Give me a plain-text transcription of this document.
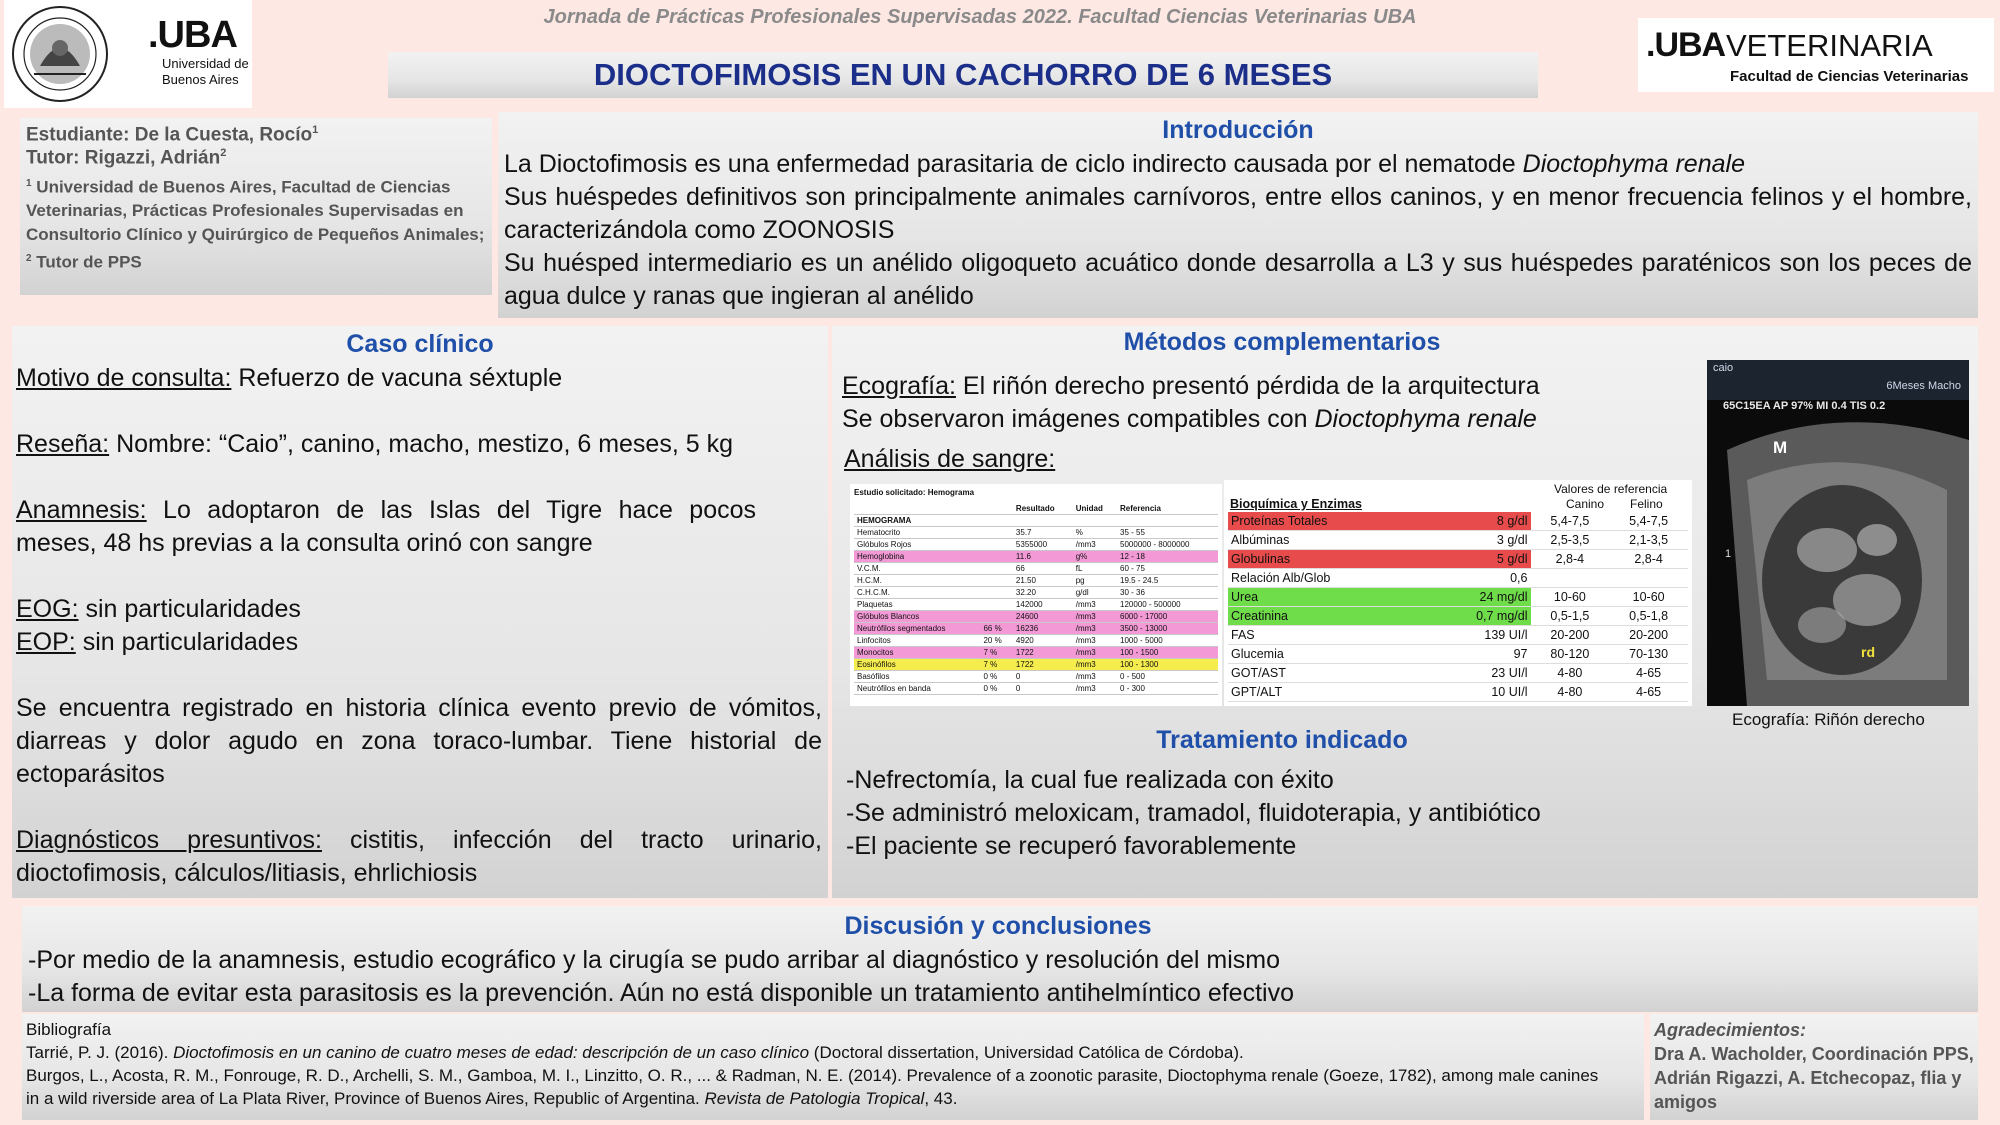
.UBA
Universidad de
Buenos Aires
Jornada de Prácticas Profesionales Supervisadas 2022. Facultad Ciencias Veterinarias UBA
DIOCTOFIMOSIS EN UN CACHORRO DE 6 MESES
.UBA VETERINARIA
Facultad de Ciencias Veterinarias
Estudiante: De la Cuesta, Rocío$^1$
Tutor: Rigazzi, Adrián$^2$
$^1$ Universidad de Buenos Aires, Facultad de Ciencias Veterinarias, Prácticas Profesionales Supervisadas en Consultorio Clínico y Quirúrgico de Pequeños Animales;
$^2$ Tutor de PPS
Introducción
La Dioctofimosis es una enfermedad parasitaria de ciclo indirecto causada por el nematode Dioctophyma renale
Sus huéspedes definitivos son principalmente animales carnívoros, entre ellos caninos, y en menor frecuencia felinos y el hombre, caracterizándola como ZOONOSIS
Su huésped intermediario es un anélido oligoqueto acuático donde desarrolla a L3 y sus huéspedes paraténicos son los peces de agua dulce y ranas que ingieran al anélido
Caso clínico
Motivo de consulta: Refuerzo de vacuna séxtuple
Reseña: Nombre: “Caio”, canino, macho, mestizo, 6 meses, 5 kg
Anamnesis: Lo adoptaron de las Islas del Tigre hace pocos meses, 48 hs previas a la consulta orinó con sangre
EOG: sin particularidades
EOP: sin particularidades
Se encuentra registrado en historia clínica evento previo de vómitos, diarreas y dolor agudo en zona toraco-lumbar. Tiene historial de ectoparásitos
Diagnósticos presuntivos: cistitis, infección del tracto urinario, dioctofimosis, cálculos/litiasis, ehrlichiosis
Métodos complementarios
Ecografía: El riñón derecho presentó pérdida de la arquitectura
Se observaron imágenes compatibles con Dioctophyma renale
Análisis de sangre:
Estudio solicitado: Hemograma
		Resultado	Unidad	Referencia
HEMOGRAMA				
Hematocrito		35.7	%	35 - 55
Glóbulos Rojos		5355000	/mm3	5000000 - 8000000
Hemoglobina		11.6	g%	12 - 18
V.C.M.		66	fL	60 - 75
H.C.M.		21.50	pg	19.5 - 24.5
C.H.C.M.		32.20	g/dl	30 - 36
Plaquetas		142000	/mm3	120000 - 500000
Glóbulos Blancos		24600	/mm3	6000 - 17000
Neutrófilos segmentados	66 %	16236	/mm3	3500 - 13000
Linfocitos	20 %	4920	/mm3	1000 - 5000
Monocitos	7 %	1722	/mm3	100 - 1500
Eosinófilos	7 %	1722	/mm3	100 - 1300
Basófilos	0 %	0	/mm3	0 - 500
Neutrófilos en banda	0 %	0	/mm3	0 - 300
Valores de referencia
Canino Felino
Bioquímica y Enzimas
Proteínas Totales	8 g/dl	5,4-7,5	5,4-7,5
Albúminas	3 g/dl	2,5-3,5	2,1-3,5
Globulinas	5 g/dl	2,8-4	2,8-4
Relación Alb/Glob	0,6		
Urea	24 mg/dl	10-60	10-60
Creatinina	0,7 mg/dl	0,5-1,5	0,5-1,8
FAS	139 UI/l	20-200	20-200
Glucemia	97	80-120	70-130
GOT/AST	23 UI/l	4-80	4-65
GPT/ALT	10 UI/l	4-80	4-65
caio
6Meses Macho
65C15EA AP 97% MI 0.4 TIS 0.2
M
1
rd
Ecografía: Riñón derecho
Tratamiento indicado
-Nefrectomía, la cual fue realizada con éxito
-Se administró meloxicam, tramadol, fluidoterapia, y antibiótico
-El paciente se recuperó favorablemente
Discusión y conclusiones
-Por medio de la anamnesis, estudio ecográfico y la cirugía se pudo arribar al diagnóstico y resolución del mismo
-La forma de evitar esta parasitosis es la prevención. Aún no está disponible un tratamiento antihelmíntico efectivo
Bibliografía
Tarrié, P. J. (2016). Dioctofimosis en un canino de cuatro meses de edad: descripción de un caso clínico (Doctoral dissertation, Universidad Católica de Córdoba).
Burgos, L., Acosta, R. M., Fonrouge, R. D., Archelli, S. M., Gamboa, M. I., Linzitto, O. R., ... & Radman, N. E. (2014). Prevalence of a zoonotic parasite, Dioctophyma renale (Goeze, 1782), among male canines in a wild riverside area of La Plata River, Province of Buenos Aires, Republic of Argentina. Revista de Patologia Tropical, 43.
Agradecimientos:
Dra A. Wacholder, Coordinación PPS, Adrián Rigazzi, A. Etchecopaz, flia y amigos
